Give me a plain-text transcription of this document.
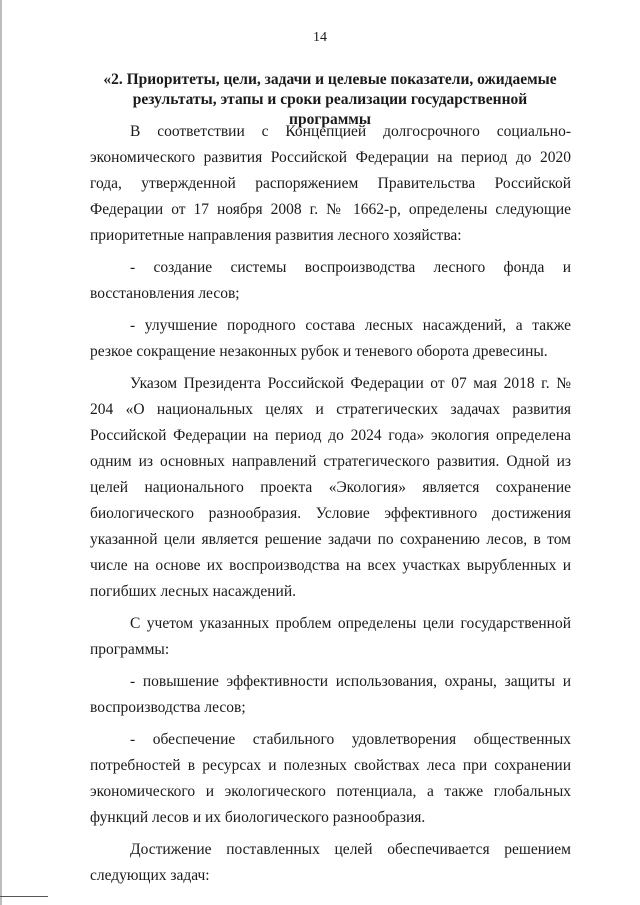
14
«2. Приоритеты, цели, задачи и целевые показатели, ожидаемые
результаты, этапы и сроки реализации государственной программы

В соответствии с Концепцией долгосрочного социально-экономического развития Российской Федерации на период до 2020 года, утвержденной распоряжением Правительства Российской Федерации от 17 ноября 2008 г. № 1662-р, определены следующие приоритетные направления развития лесного хозяйства:

- создание системы воспроизводства лесного фонда и восстановления лесов;

- улучшение породного состава лесных насаждений, а также резкое сокращение незаконных рубок и теневого оборота древесины.

Указом Президента Российской Федерации от 07 мая 2018 г. № 204 «О национальных целях и стратегических задачах развития Российской Федерации на период до 2024 года» экология определена одним из основных направлений стратегического развития. Одной из целей национального проекта «Экология» является сохранение биологического разнообразия. Условие эффективного достижения указанной цели является решение задачи по сохранению лесов, в том числе на основе их воспроизводства на всех участках вырубленных и погибших лесных насаждений.

С учетом указанных проблем определены цели государственной программы:

- повышение эффективности использования, охраны, защиты и воспроизводства лесов;

- обеспечение стабильного удовлетворения общественных потребностей в ресурсах и полезных свойствах леса при сохранении экономического и экологического потенциала, а также глобальных функций лесов и их биологического разнообразия.

Достижение поставленных целей обеспечивается решением следующих задач:
